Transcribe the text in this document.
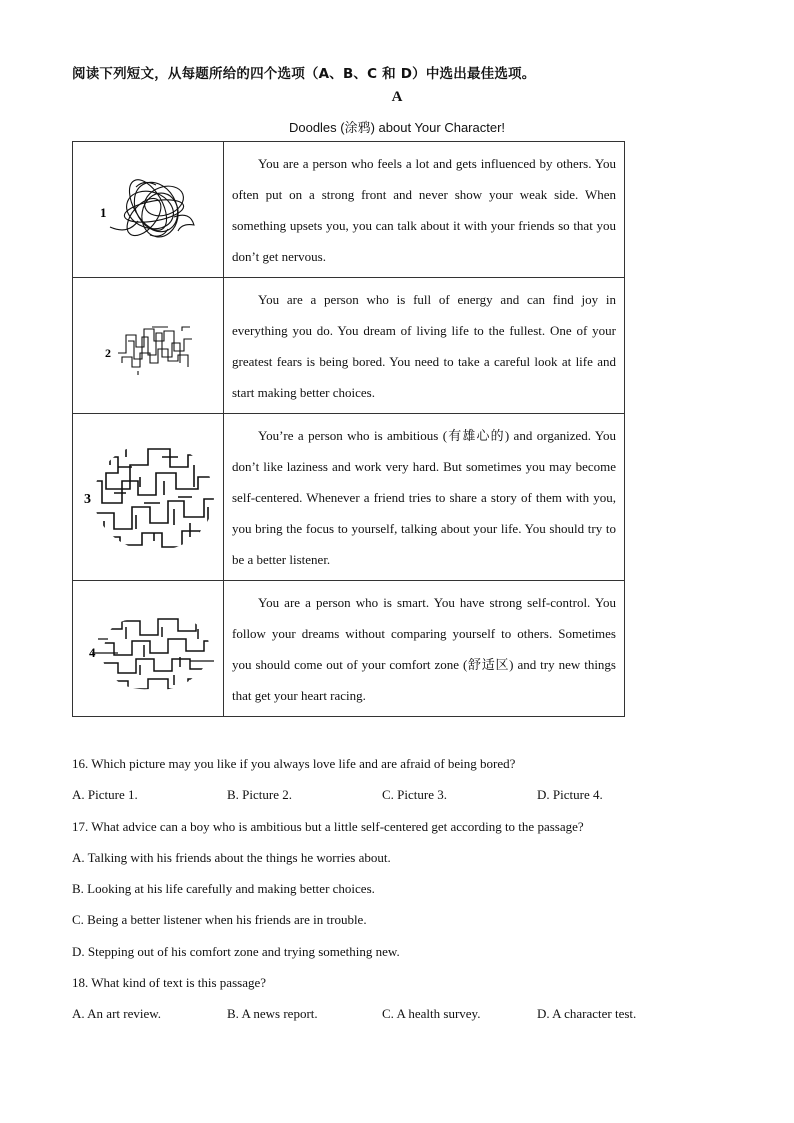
阅读下列短文，从每题所给的四个选项（A、B、C 和 D）中选出最佳选项。
A
Doodles (涂鸦) about Your Character!
1	You are a person who feels a lot and gets influenced by others. You often put on a strong front and never show your weak side. When something upsets you, you can talk about it with your friends so that you don’t get nervous.

2	You are a person who is full of energy and can find joy in everything you do. You dream of living life to the fullest. One of your greatest fears is being bored. You need to take a careful look at life and start making better choices.

3	You’re a person who is ambitious (有雄心的) and organized. You don’t like laziness and work very hard. But sometimes you may become self-centered. Whenever a friend tries to share a story of them with you, you bring the focus to yourself, talking about your life. You should try to be a better listener.

4	You are a person who is smart. You have strong self-control. You follow your dreams without comparing yourself to others. Sometimes you should come out of your comfort zone (舒适区) and try new things that get your heart racing.

16. Which picture may you like if you always love life and are afraid of being bored?
A. Picture 1.	B. Picture 2.	C. Picture 3.	D. Picture 4.
17. What advice can a boy who is ambitious but a little self-centered get according to the passage?
A. Talking with his friends about the things he worries about.
B. Looking at his life carefully and making better choices.
C. Being a better listener when his friends are in trouble.
D. Stepping out of his comfort zone and trying something new.
18. What kind of text is this passage?
A. An art review.	B. A news report.	C. A health survey.	D. A character test.
